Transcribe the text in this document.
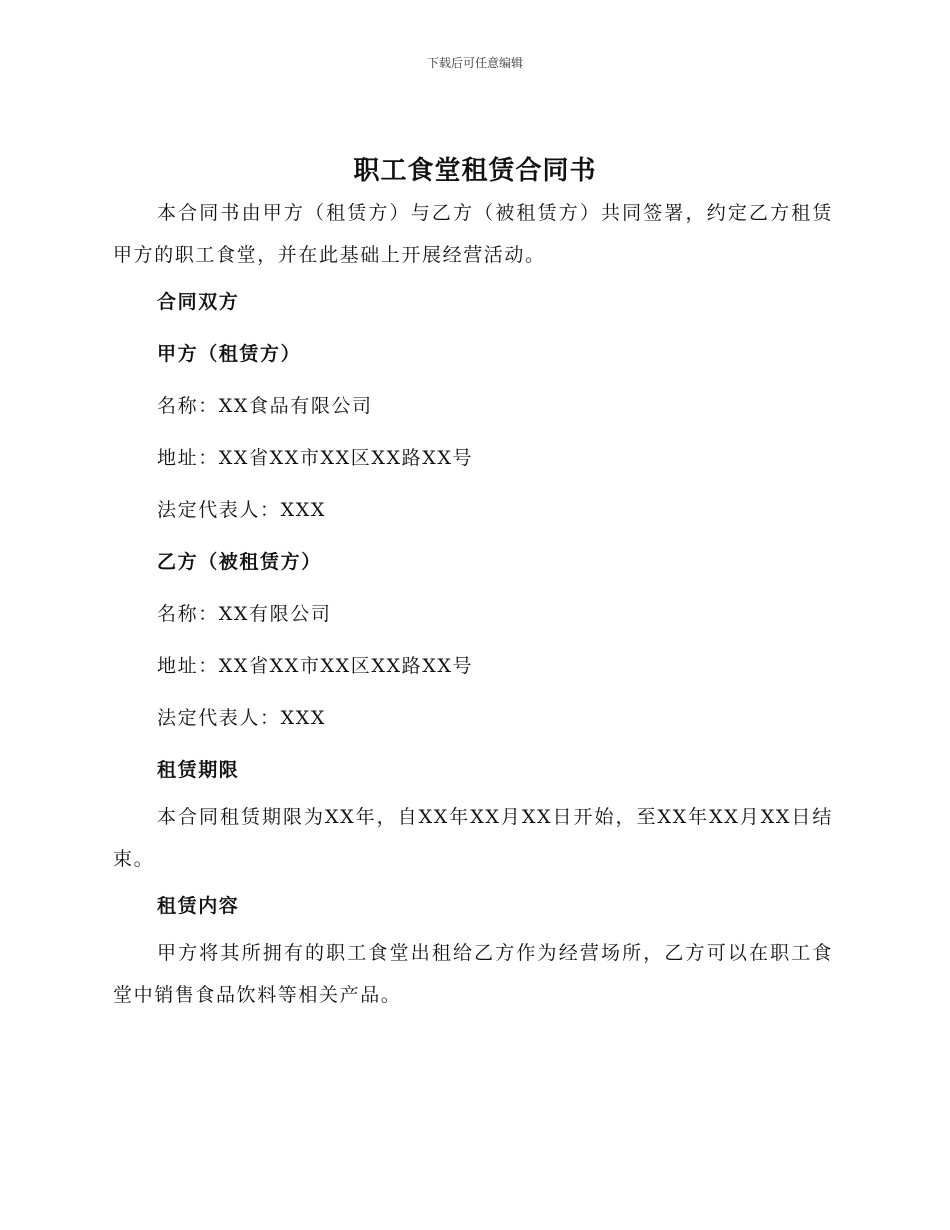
下载后可任意编辑
职工食堂租赁合同书

本合同书由甲方（租赁方）与乙方（被租赁方）共同签署，约定乙方租赁甲方的职工食堂，并在此基础上开展经营活动。

合同双方

甲方（租赁方）

名称：XX食品有限公司

地址：XX省XX市XX区XX路XX号

法定代表人：XXX

乙方（被租赁方）

名称：XX有限公司

地址：XX省XX市XX区XX路XX号

法定代表人：XXX

租赁期限

本合同租赁期限为XX年，自XX年XX月XX日开始，至XX年XX月XX日结束。

租赁内容

甲方将其所拥有的职工食堂出租给乙方作为经营场所，乙方可以在职工食堂中销售食品饮料等相关产品。
